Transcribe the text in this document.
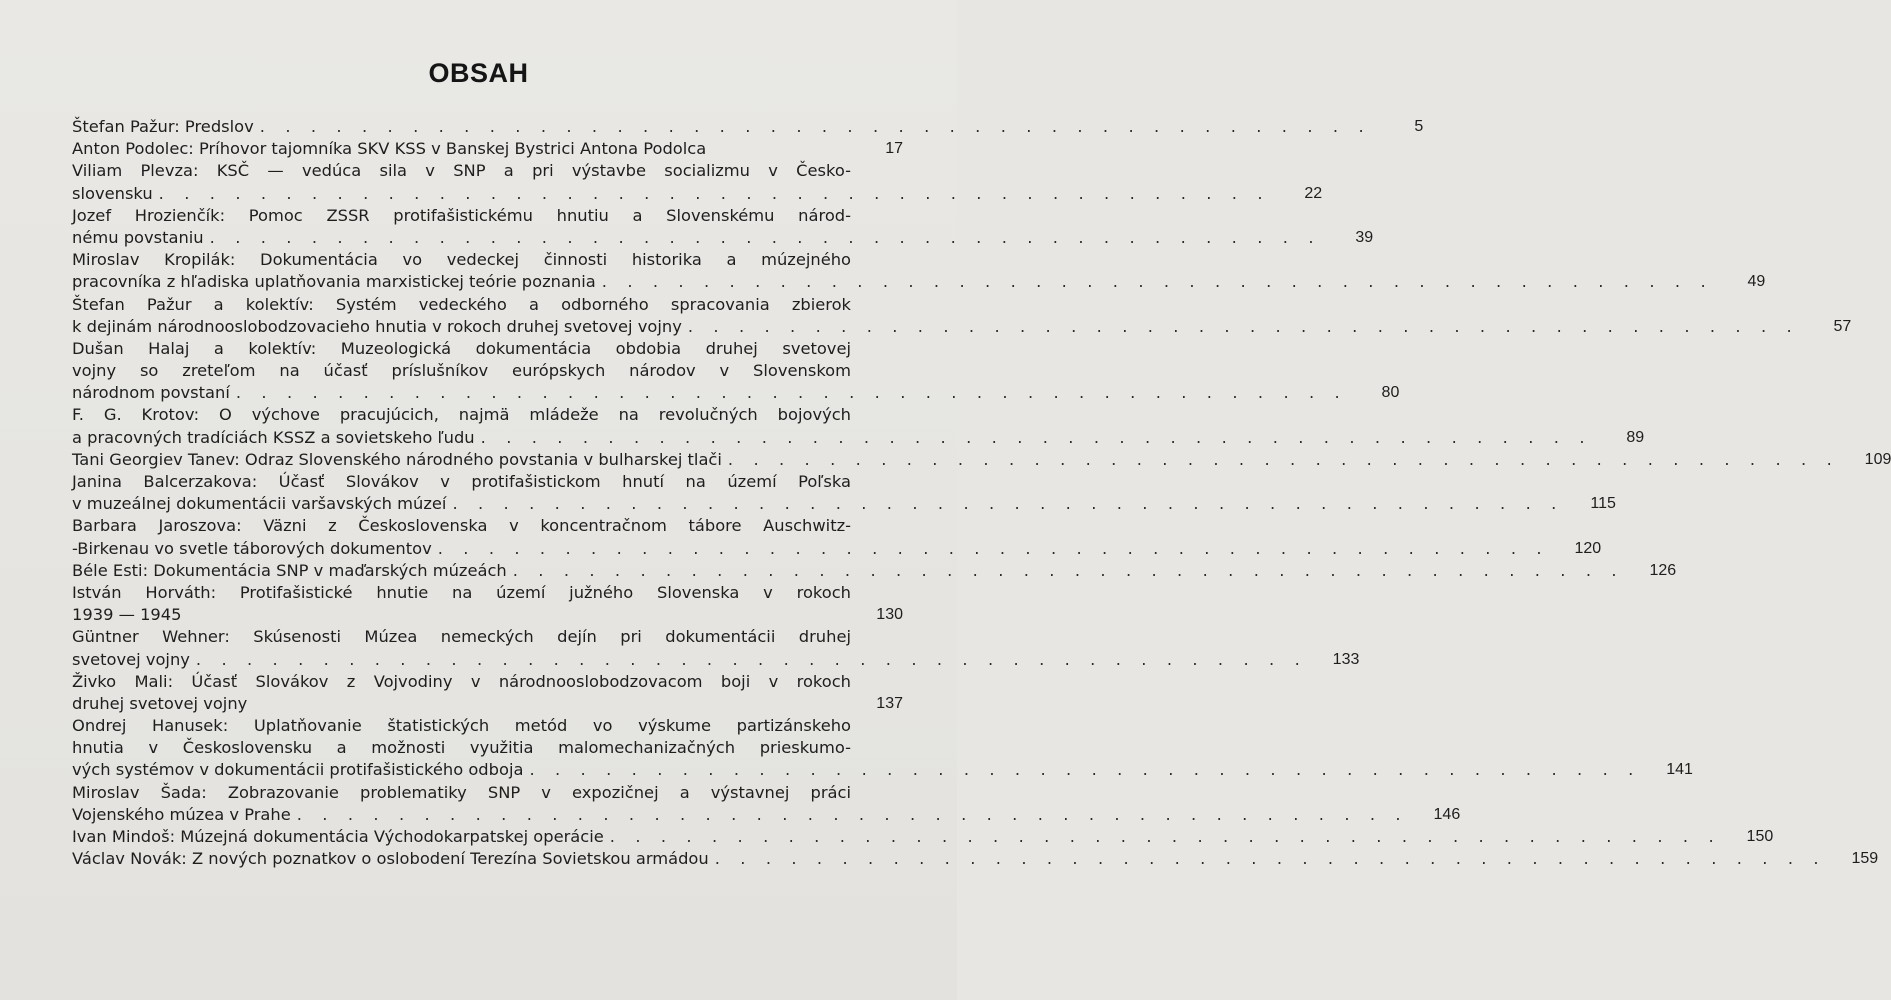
OBSAH
Štefan Pažur: Predslov . . . . . . . . . . . . . . . . . . . . . . . . . . . . . . . . . . . . . . . . . . . .	5
Anton Podolec: Príhovor tajomníka SKV KSS v Banskej Bystrici Antona Podolca	17
Viliam Plevza: KSČ — vedúca sila v SNP a pri výstavbe socializmu v Česko-
slovensku . . . . . . . . . . . . . . . . . . . . . . . . . . . . . . . . . . . . . . . . . . . .	22
Jozef Hrozienčík: Pomoc ZSSR protifašistickému hnutiu a Slovenskému národ-
nému povstaniu . . . . . . . . . . . . . . . . . . . . . . . . . . . . . . . . . . . . . . . . . . . .	39
Miroslav Kropilák: Dokumentácia vo vedeckej činnosti historika a múzejného
pracovníka z hľadiska uplatňovania marxistickej teórie poznania . . . . . . . . . . . . . . . . . . . . . . . . . . . . . . . . . . . . . . . . . . . .	49
Štefan Pažur a kolektív: Systém vedeckého a odborného spracovania zbierok
k dejinám národnooslobodzovacieho hnutia v rokoch druhej svetovej vojny . . . . . . . . . . . . . . . . . . . . . . . . . . . . . . . . . . . . . . . . . . . .	57
Dušan Halaj a kolektív: Muzeologická dokumentácia obdobia druhej svetovej
vojny so zreteľom na účasť príslušníkov európskych národov v Slovenskom
národnom povstaní . . . . . . . . . . . . . . . . . . . . . . . . . . . . . . . . . . . . . . . . . . . .	80
F. G. Krotov: O výchove pracujúcich, najmä mládeže na revolučných bojových
a pracovných tradíciách KSSZ a sovietskeho ľudu . . . . . . . . . . . . . . . . . . . . . . . . . . . . . . . . . . . . . . . . . . . .	89
Tani Georgiev Tanev: Odraz Slovenského národného povstania v bulharskej tlači . . . . . . . . . . . . . . . . . . . . . . . . . . . . . . . . . . . . . . . . . . . .	109
Janina Balcerzakova: Účasť Slovákov v protifašistickom hnutí na území Poľska
v muzeálnej dokumentácii varšavských múzeí . . . . . . . . . . . . . . . . . . . . . . . . . . . . . . . . . . . . . . . . . . . .	115
Barbara Jaroszova: Väzni z Československa v koncentračnom tábore Auschwitz-
-Birkenau vo svetle táborových dokumentov . . . . . . . . . . . . . . . . . . . . . . . . . . . . . . . . . . . . . . . . . . . .	120
Béle Esti: Dokumentácia SNP v maďarských múzeách . . . . . . . . . . . . . . . . . . . . . . . . . . . . . . . . . . . . . . . . . . . .	126
István Horváth: Protifašistické hnutie na území južného Slovenska v rokoch
1939 — 1945	130
Güntner Wehner: Skúsenosti Múzea nemeckých dejín pri dokumentácii druhej
svetovej vojny . . . . . . . . . . . . . . . . . . . . . . . . . . . . . . . . . . . . . . . . . . . .	133
Živko Mali: Účasť Slovákov z Vojvodiny v národnooslobodzovacom boji v rokoch
druhej svetovej vojny	137
Ondrej Hanusek: Uplatňovanie štatistických metód vo výskume partizánskeho
hnutia v Československu a možnosti využitia malomechanizačných prieskumo-
vých systémov v dokumentácii protifašistického odboja . . . . . . . . . . . . . . . . . . . . . . . . . . . . . . . . . . . . . . . . . . . .	141
Miroslav Šada: Zobrazovanie problematiky SNP v expozičnej a výstavnej práci
Vojenského múzea v Prahe . . . . . . . . . . . . . . . . . . . . . . . . . . . . . . . . . . . . . . . . . . . .	146
Ivan Mindoš: Múzejná dokumentácia Východokarpatskej operácie . . . . . . . . . . . . . . . . . . . . . . . . . . . . . . . . . . . . . . . . . . . .	150
Václav Novák: Z nových poznatkov o oslobodení Terezína Sovietskou armádou . . . . . . . . . . . . . . . . . . . . . . . . . . . . . . . . . . . . . . . . . . . .	159
